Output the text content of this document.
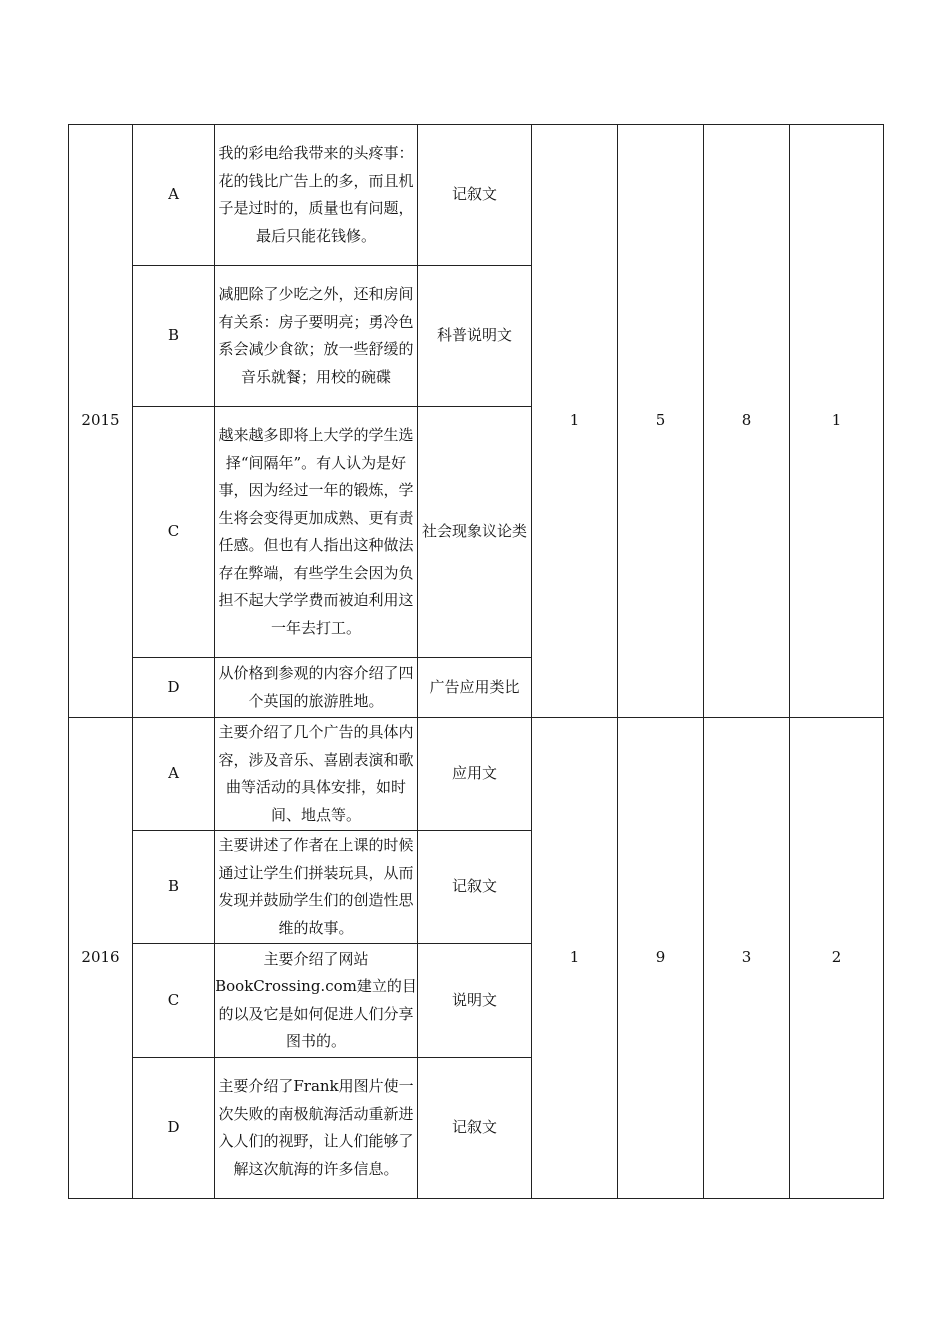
2015	A	我的彩电给我带来的头疼事：花的钱比广告上的多，而且机子是过时的，质量也有问题，最后只能花钱修。	记叙文	1	5	8	1
	B	减肥除了少吃之外，还和房间有关系：房子要明亮；勇冷色系会减少食欲；放一些舒缓的音乐就餐；用校的碗碟	科普说明文				
	C	越来越多即将上大学的学生选择“间隔年”。有人认为是好事，因为经过一年的锻炼，学生将会变得更加成熟、更有责任感。但也有人指出这种做法存在弊端，有些学生会因为负担不起大学学费而被迫利用这一年去打工。	社会现象议论类				
	D	从价格到参观的内容介绍了四个英国的旅游胜地。	广告应用类比				
2016	A	主要介绍了几个广告的具体内容，涉及音乐、喜剧表演和歌曲等活动的具体安排，如时间、地点等。	应用文	1	9	3	2
	B	主要讲述了作者在上课的时候通过让学生们拼装玩具，从而发现并鼓励学生们的创造性思维的故事。	记叙文				
	C	主要介绍了网站BookCrossing.com建立的目的以及它是如何促进人们分享图书的。	说明文				
	D	主要介绍了Frank用图片使一次失败的南极航海活动重新进入人们的视野，让人们能够了解这次航海的许多信息。	记叙文				
